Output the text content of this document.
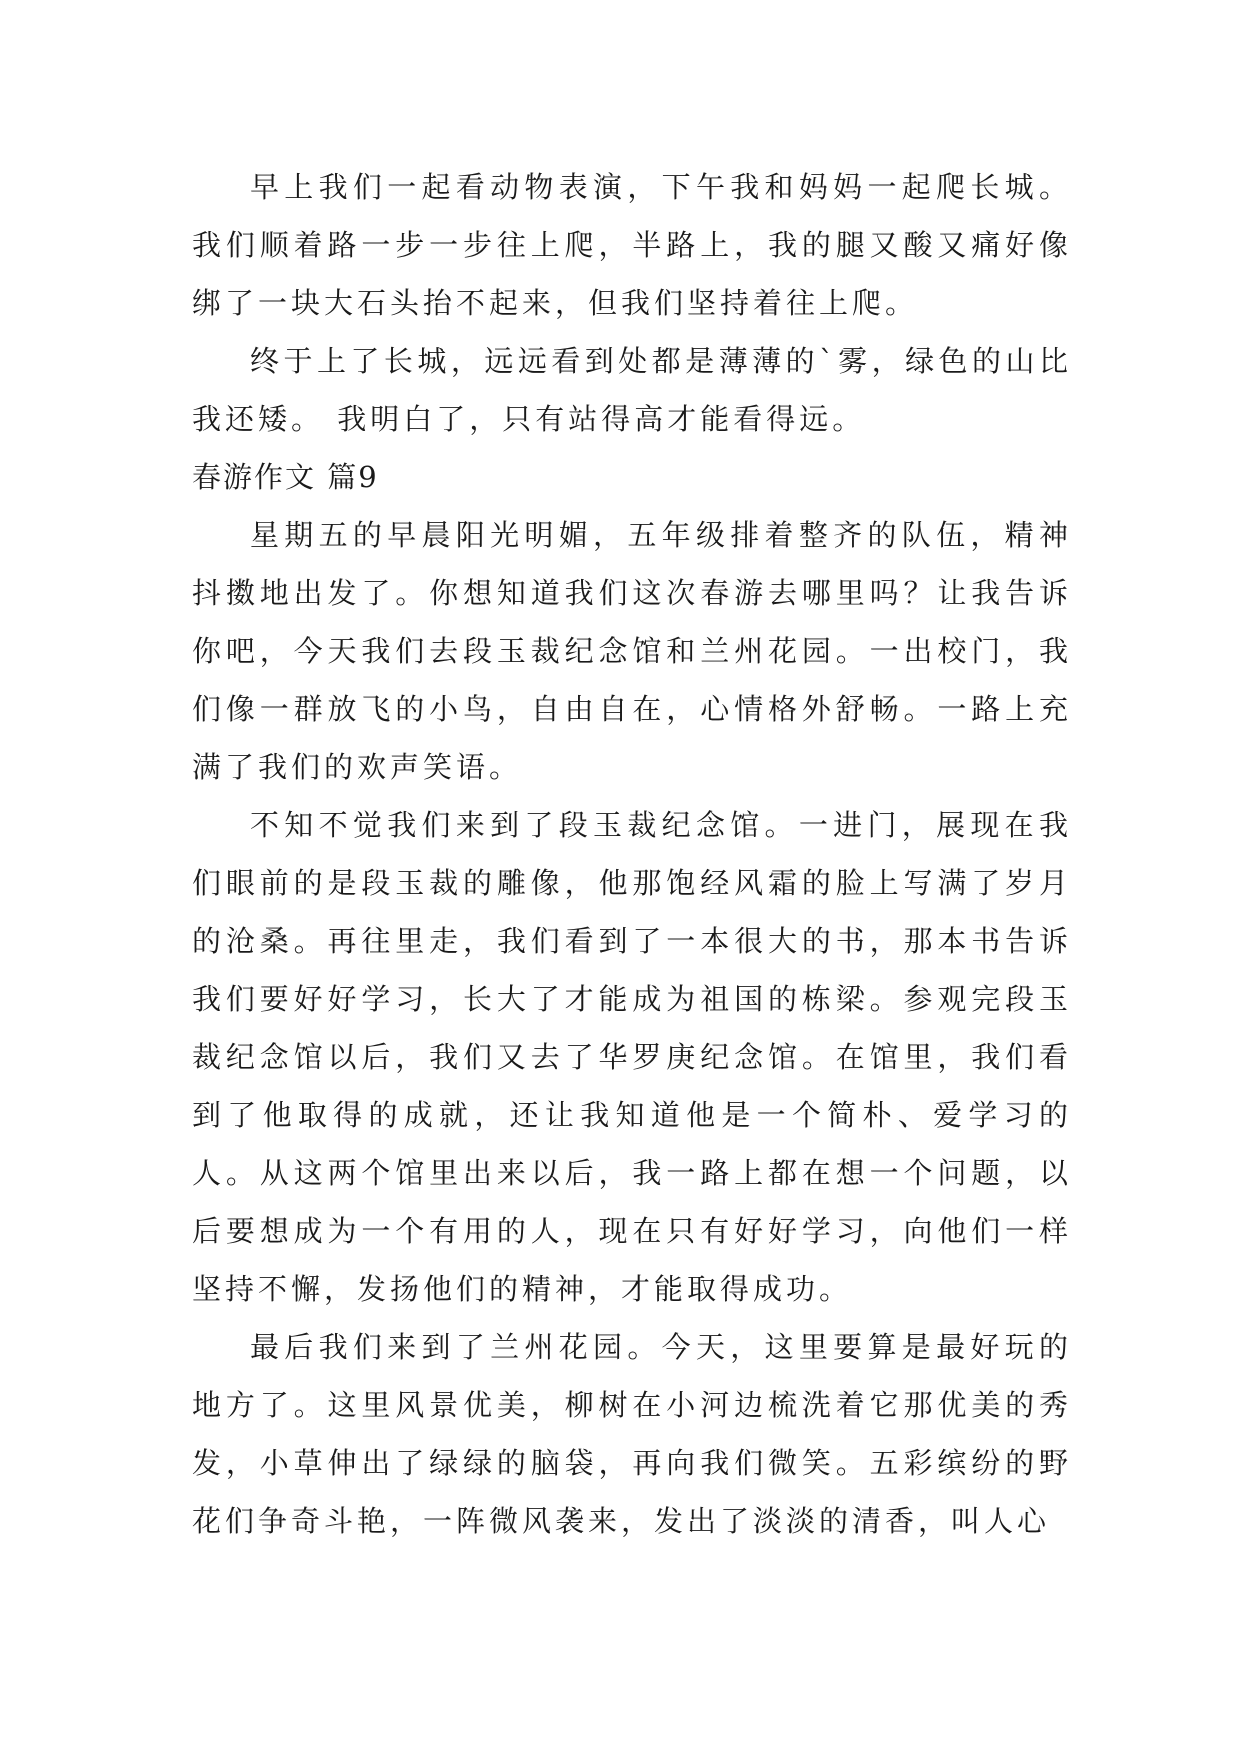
早上我们一起看动物表演，下午我和妈妈一起爬长城。我们顺着路一步一步往上爬，半路上，我的腿又酸又痛好像绑了一块大石头抬不起来，但我们坚持着往上爬。

终于上了长城，远远看到处都是薄薄的`雾，绿色的山比我还矮。 我明白了，只有站得高才能看得远。

春游作文 篇9

星期五的早晨阳光明媚，五年级排着整齐的队伍，精神抖擞地出发了。你想知道我们这次春游去哪里吗？让我告诉你吧，今天我们去段玉裁纪念馆和兰州花园。一出校门，我们像一群放飞的小鸟，自由自在，心情格外舒畅。一路上充满了我们的欢声笑语。

不知不觉我们来到了段玉裁纪念馆。一进门，展现在我们眼前的是段玉裁的雕像，他那饱经风霜的脸上写满了岁月的沧桑。再往里走，我们看到了一本很大的书，那本书告诉我们要好好学习，长大了才能成为祖国的栋梁。参观完段玉裁纪念馆以后，我们又去了华罗庚纪念馆。在馆里，我们看到了他取得的成就，还让我知道他是一个简朴、爱学习的人。从这两个馆里出来以后，我一路上都在想一个问题，以后要想成为一个有用的人，现在只有好好学习，向他们一样坚持不懈，发扬他们的精神，才能取得成功。

最后我们来到了兰州花园。今天，这里要算是最好玩的地方了。这里风景优美，柳树在小河边梳洗着它那优美的秀发，小草伸出了绿绿的脑袋，再向我们微笑。五彩缤纷的野花们争奇斗艳，一阵微风袭来，发出了淡淡的清香，叫人心
